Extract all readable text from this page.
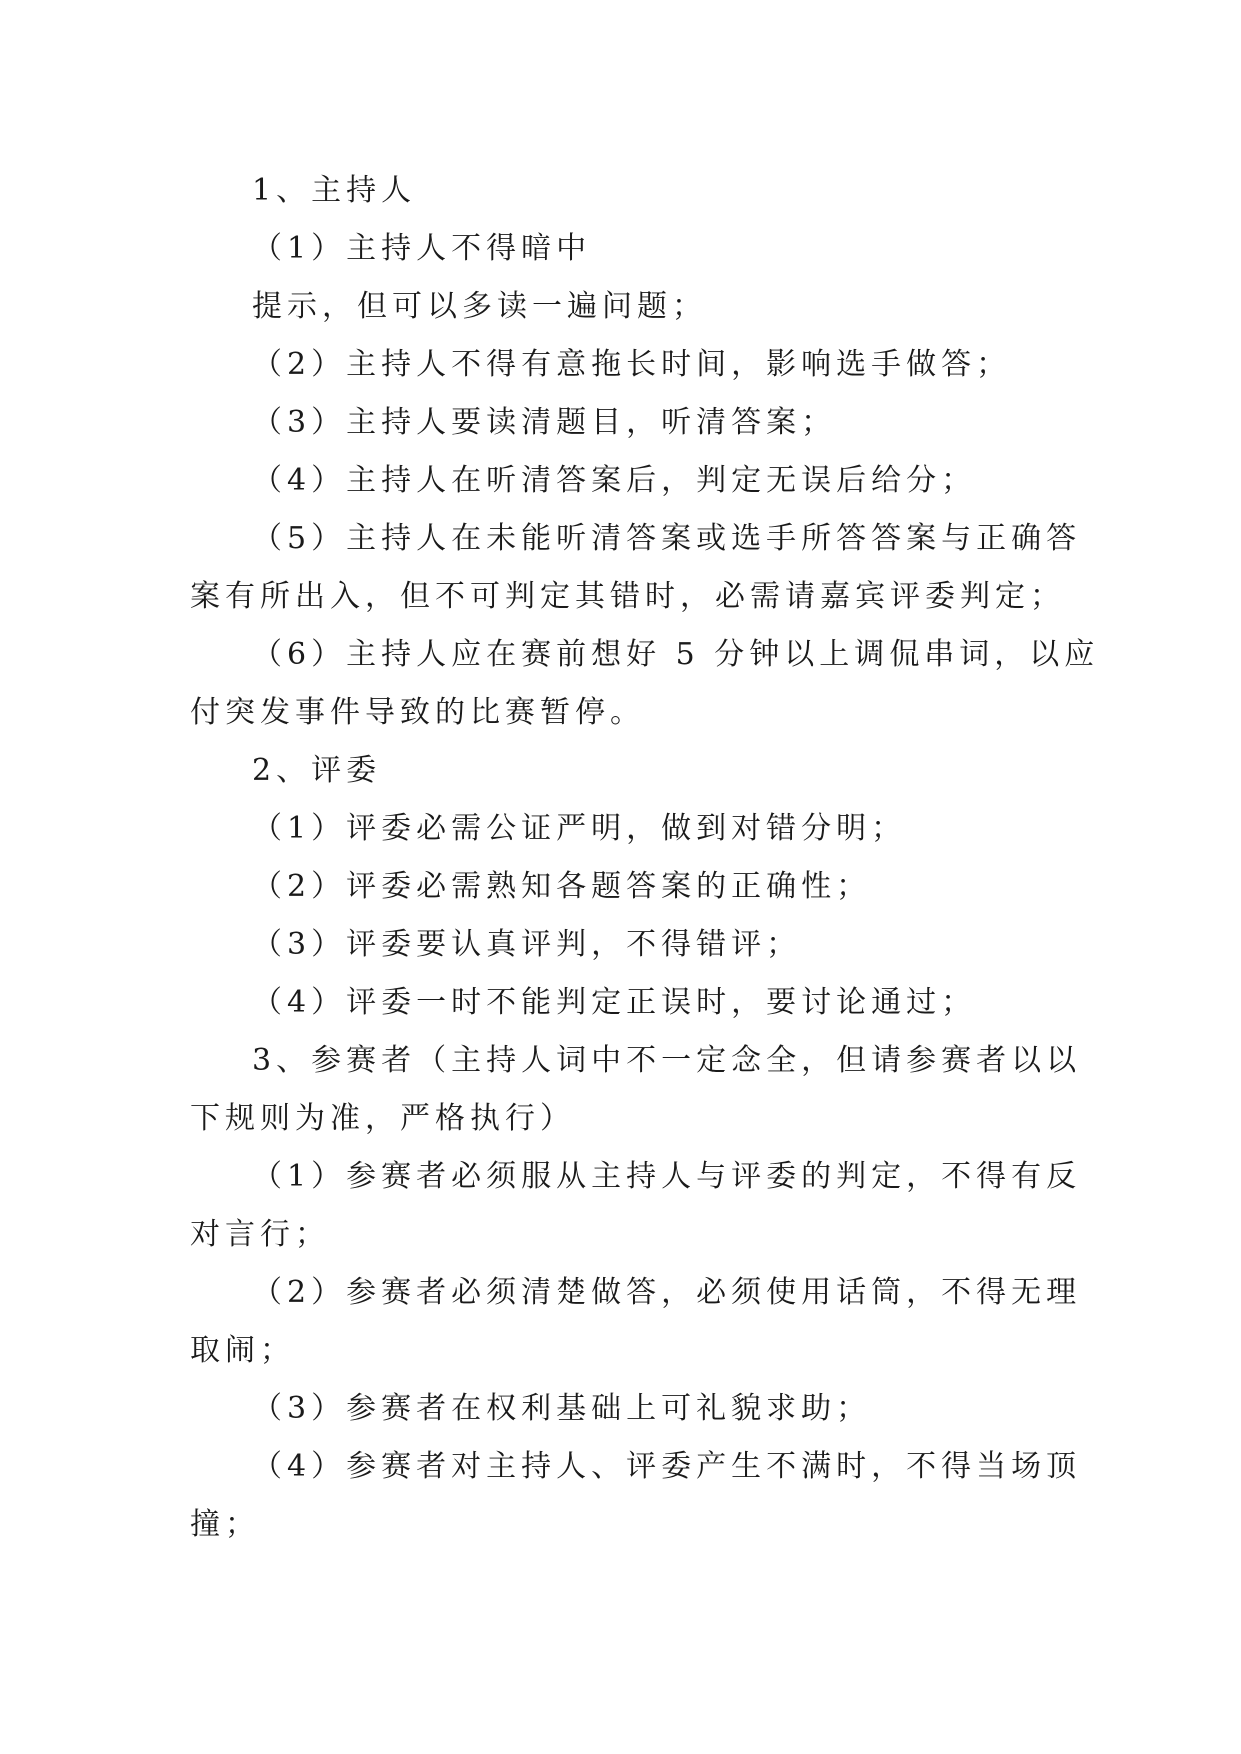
1、主持人
（1）主持人不得暗中
提示，但可以多读一遍问题；
（2）主持人不得有意拖长时间，影响选手做答；
（3）主持人要读清题目，听清答案；
（4）主持人在听清答案后，判定无误后给分；
（5）主持人在未能听清答案或选手所答答案与正确答
案有所出入，但不可判定其错时，必需请嘉宾评委判定；
（6）主持人应在赛前想好 5 分钟以上调侃串词，以应
付突发事件导致的比赛暂停。
2、评委
（1）评委必需公证严明，做到对错分明；
（2）评委必需熟知各题答案的正确性；
（3）评委要认真评判，不得错评；
（4）评委一时不能判定正误时，要讨论通过；
3、参赛者（主持人词中不一定念全，但请参赛者以以
下规则为准，严格执行）
（1）参赛者必须服从主持人与评委的判定，不得有反
对言行；
（2）参赛者必须清楚做答，必须使用话筒，不得无理
取闹；
（3）参赛者在权利基础上可礼貌求助；
（4）参赛者对主持人、评委产生不满时，不得当场顶
撞；
